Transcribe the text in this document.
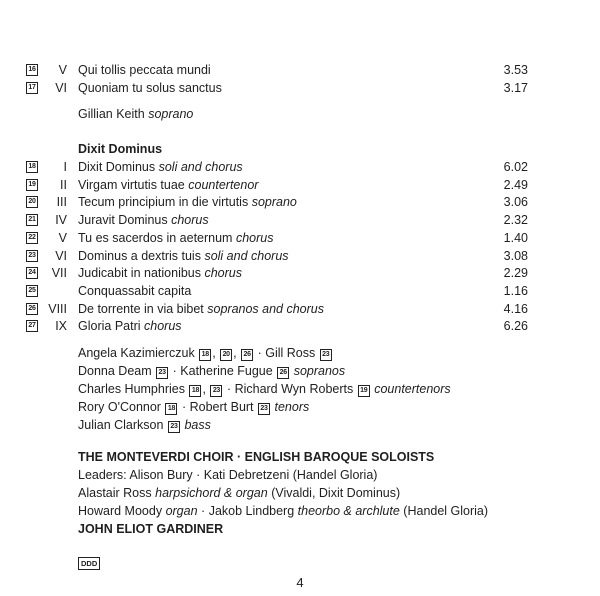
16 V Qui tollis peccata mundi	3.53
17 VI Quoniam tu solus sanctus	3.17
Gillian Keith soprano
Dixit Dominus
18 I Dixit Dominus soli and chorus	6.02
19 II Virgam virtutis tuae countertenor	2.49
20 III Tecum principium in die virtutis soprano	3.06
21 IV Juravit Dominus chorus	2.32
22 V Tu es sacerdos in aeternum chorus	1.40
23 VI Dominus a dextris tuis soli and chorus	3.08
24 VII Judicabit in nationibus chorus	2.29
25	Conquassabit capita	1.16
26 VIII De torrente in via bibet sopranos and chorus	4.16
27 IX Gloria Patri chorus	6.26
Angela Kazimierczuk 18 , 20 , 26 · Gill Ross 23
Donna Deam 23 · Katherine Fugue 26 sopranos
Charles Humphries 18 , 23 · Richard Wyn Roberts 19 countertenors
Rory O'Connor 18 · Robert Burt 23 tenors
Julian Clarkson 23 bass
THE MONTEVERDI CHOIR · ENGLISH BAROQUE SOLOISTS
Leaders: Alison Bury · Kati Debretzeni (Handel Gloria)
Alastair Ross harpsichord & organ (Vivaldi, Dixit Dominus)
Howard Moody organ · Jakob Lindberg theorbo & archlute (Handel Gloria)
JOHN ELIOT GARDINER
DDD
4
